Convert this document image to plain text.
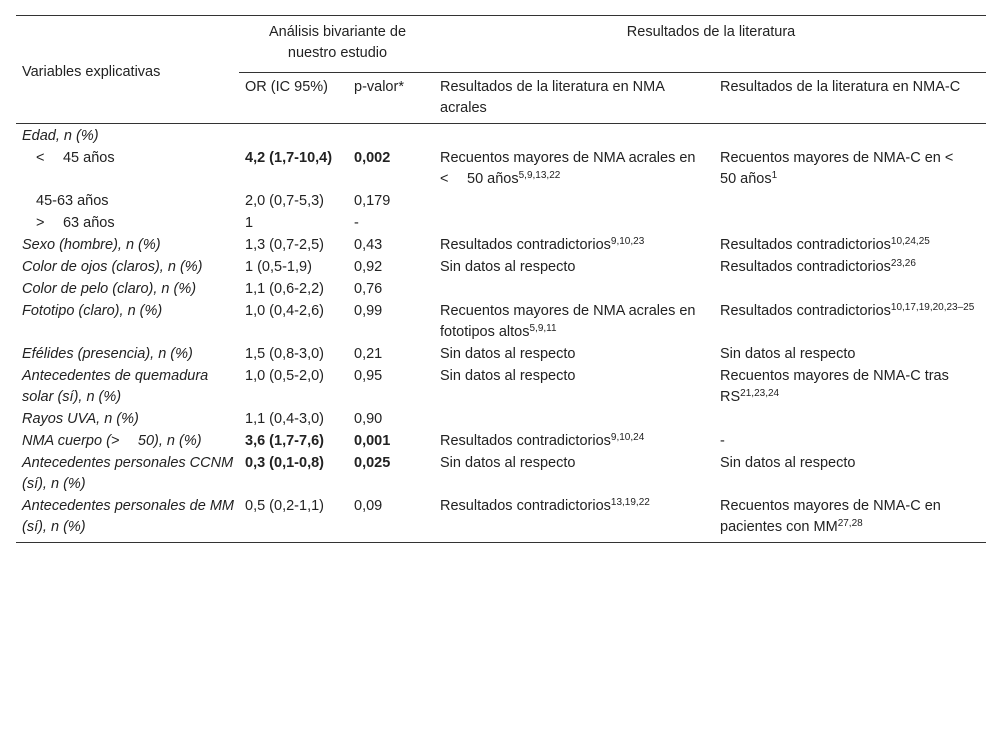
Variables explicativas	Análisis bivariante de nuestro estudio		Resultados de la literatura	
	OR (IC 95%)	p-valor*	Resultados de la literatura en NMA acrales	Resultados de la literatura en NMA-C
Edad, n (%)				
<  45 años	4,2 (1,7-10,4)	0,002	Recuentos mayores de NMA acrales en <  50 años$^{5,9,13,22}$	Recuentos mayores de NMA-C en <  50 años$^1$
45-63 años	2,0 (0,7-5,3)	0,179		
>  63 años	1	-		
Sexo (hombre), n (%)	1,3 (0,7-2,5)	0,43	Resultados contradictorios$^{9,10,23}$	Resultados contradictorios$^{10,24,25}$
Color de ojos (claros), n (%)	1 (0,5-1,9)	0,92	Sin datos al respecto	Resultados contradictorios$^{23,26}$
Color de pelo (claro), n (%)	1,1 (0,6-2,2)	0,76		
Fototipo (claro), n (%)	1,0 (0,4-2,6)	0,99	Recuentos mayores de NMA acrales en fototipos altos$^{5,9,11}$	Resultados contradictorios$^{10,17,19,20,23-25}$
Efélides (presencia), n (%)	1,5 (0,8-3,0)	0,21	Sin datos al respecto	Sin datos al respecto
Antecedentes de quemadura solar (sí), n (%)	1,0 (0,5-2,0)	0,95	Sin datos al respecto	Recuentos mayores de NMA-C tras RS$^{21,23,24}$
Rayos UVA, n (%)	1,1 (0,4-3,0)	0,90		
NMA cuerpo (>  50), n (%)	3,6 (1,7-7,6)	0,001	Resultados contradictorios$^{9,10,24}$	-
Antecedentes personales CCNM (sí), n (%)	0,3 (0,1-0,8)	0,025	Sin datos al respecto	Sin datos al respecto
Antecedentes personales de MM (sí), n (%)	0,5 (0,2-1,1)	0,09	Resultados contradictorios$^{13,19,22}$	Recuentos mayores de NMA-C en pacientes con MM$^{27,28}$
